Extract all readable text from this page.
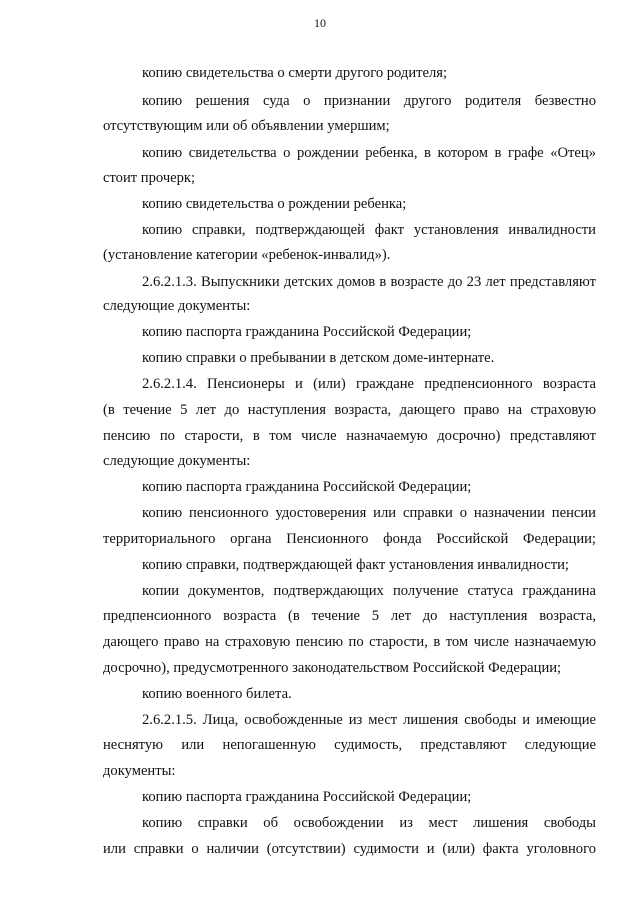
10
копию свидетельства о смерти другого родителя;
копию решения суда о признании другого родителя безвестно
отсутствующим или об объявлении умершим;
копию свидетельства о рождении ребенка, в котором в графе «Отец»
стоит прочерк;
копию свидетельства о рождении ребенка;
копию справки, подтверждающей факт установления инвалидности
(установление категории «ребенок-инвалид»).
2.6.2.1.3. Выпускники детских домов в возрасте до 23 лет представляют
следующие документы:
копию паспорта гражданина Российской Федерации;
копию справки о пребывании в детском доме-интернате.
2.6.2.1.4. Пенсионеры и (или) граждане предпенсионного возраста
(в течение 5 лет до наступления возраста, дающего право на страховую
пенсию по старости, в том числе назначаемую досрочно) представляют
следующие документы:
копию паспорта гражданина Российской Федерации;
копию пенсионного удостоверения или справки о назначении пенсии
территориального органа Пенсионного фонда Российской Федерации;
копию справки, подтверждающей факт установления инвалидности;
копии документов, подтверждающих получение статуса гражданина
предпенсионного возраста (в течение 5 лет до наступления возраста,
дающего право на страховую пенсию по старости, в том числе назначаемую
досрочно), предусмотренного законодательством Российской Федерации;
копию военного билета.
2.6.2.1.5. Лица, освобожденные из мест лишения свободы и имеющие
неснятую или непогашенную судимость, представляют следующие
документы:
копию паспорта гражданина Российской Федерации;
копию справки об освобождении из мест лишения свободы
или справки о наличии (отсутствии) судимости и (или) факта уголовного
